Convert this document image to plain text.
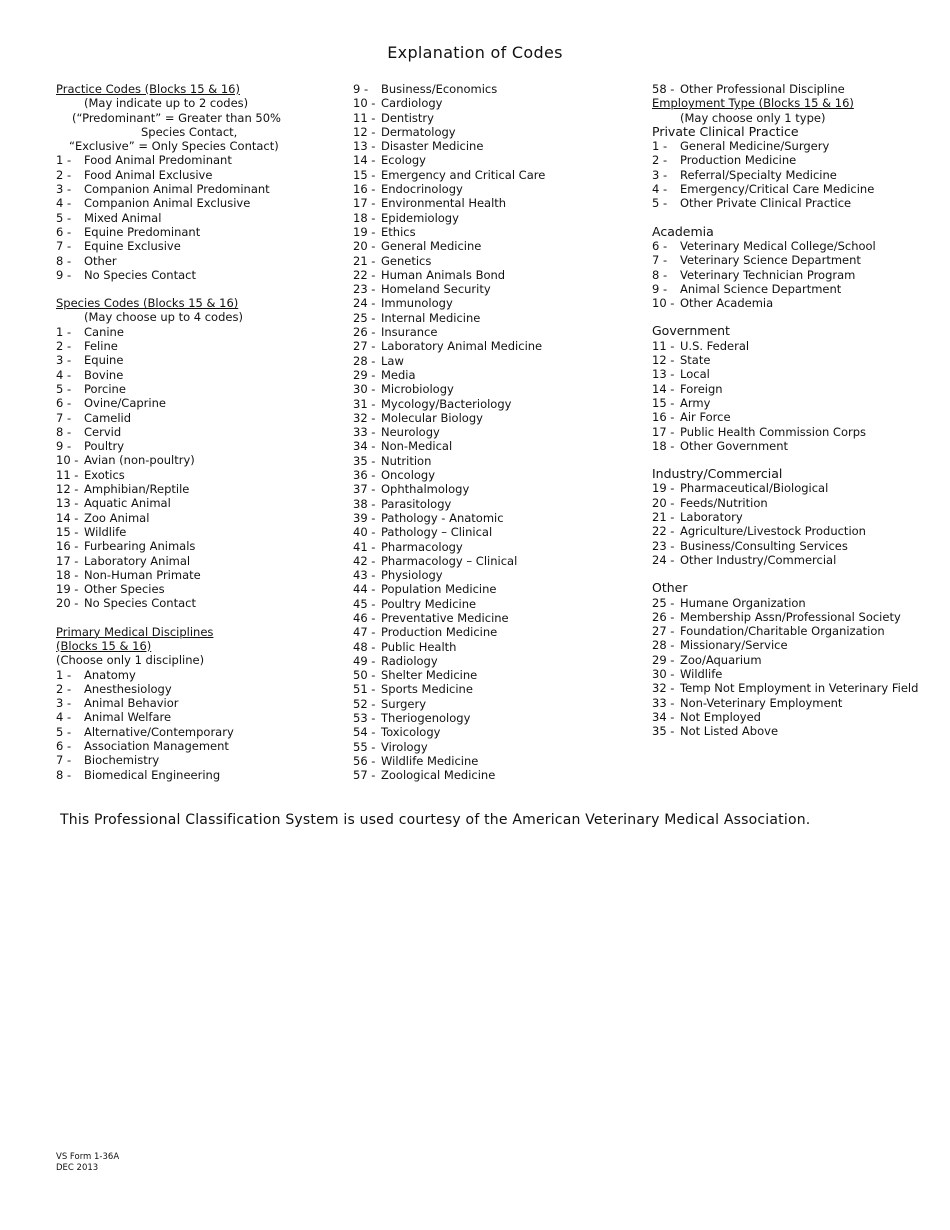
Explanation of Codes
Practice Codes (Blocks 15 & 16)
(May indicate up to 2 codes)
(“Predominant” = Greater than 50%
Species Contact,
“Exclusive” = Only Species Contact)
1 -	Food Animal Predominant
2 -	Food Animal Exclusive
3 -	Companion Animal Predominant
4 -	Companion Animal Exclusive
5 -	Mixed Animal
6 -	Equine Predominant
7 -	Equine Exclusive
8 -	Other
9 -	No Species Contact
Species Codes (Blocks 15 & 16)
(May choose up to 4 codes)
1 -	Canine
2 -	Feline
3 -	Equine
4 -	Bovine
5 -	Porcine
6 -	Ovine/Caprine
7 -	Camelid
8 -	Cervid
9 -	Poultry
10 - Avian (non-poultry)
11 - Exotics
12 - Amphibian/Reptile
13 - Aquatic Animal
14 - Zoo Animal
15 - Wildlife
16 - Furbearing Animals
17 - Laboratory Animal
18 - Non-Human Primate
19 - Other Species
20 - No Species Contact
Primary Medical Disciplines
(Blocks 15 & 16)
(Choose only 1 discipline)
1 -	Anatomy
2 -	Anesthesiology
3 -	Animal Behavior
4 -	Animal Welfare
5 -	Alternative/Contemporary
6 -	Association Management
7 -	Biochemistry
8 -	Biomedical Engineering
9 -	Business/Economics
10 - Cardiology
11 - Dentistry
12 - Dermatology
13 - Disaster Medicine
14 - Ecology
15 - Emergency and Critical Care
16 - Endocrinology
17 - Environmental Health
18 - Epidemiology
19 - Ethics
20 - General Medicine
21 - Genetics
22 - Human Animals Bond
23 - Homeland Security
24 - Immunology
25 - Internal Medicine
26 - Insurance
27 - Laboratory Animal Medicine
28 - Law
29 - Media
30 - Microbiology
31 - Mycology/Bacteriology
32 - Molecular Biology
33 - Neurology
34 - Non-Medical
35 - Nutrition
36 - Oncology
37 - Ophthalmology
38 - Parasitology
39 - Pathology - Anatomic
40 - Pathology – Clinical
41 - Pharmacology
42 - Pharmacology – Clinical
43 - Physiology
44 - Population Medicine
45 - Poultry Medicine
46 - Preventative Medicine
47 - Production Medicine
48 - Public Health
49 - Radiology
50 - Shelter Medicine
51 - Sports Medicine
52 - Surgery
53 - Theriogenology
54 - Toxicology
55 - Virology
56 - Wildlife Medicine
57 - Zoological Medicine
58 - Other Professional Discipline
Employment Type (Blocks 15 & 16)
(May choose only 1 type)
Private Clinical Practice
1 -	General Medicine/Surgery
2 -	Production Medicine
3 -	Referral/Specialty Medicine
4 -	Emergency/Critical Care Medicine
5 -	Other Private Clinical Practice
Academia
6 -	Veterinary Medical College/School
7 -	Veterinary Science Department
8 -	Veterinary Technician Program
9 -	Animal Science Department
10 - Other Academia
Government
11 - U.S. Federal
12 - State
13 - Local
14 - Foreign
15 - Army
16 - Air Force
17 - Public Health Commission Corps
18 - Other Government
Industry/Commercial
19 - Pharmaceutical/Biological
20 - Feeds/Nutrition
21 - Laboratory
22 - Agriculture/Livestock Production
23 - Business/Consulting Services
24 - Other Industry/Commercial
Other
25 - Humane Organization
26 - Membership Assn/Professional Society
27 - Foundation/Charitable Organization
28 - Missionary/Service
29 - Zoo/Aquarium
30 - Wildlife
32 - Temp Not Employment in Veterinary Field
33 - Non-Veterinary Employment
34 - Not Employed
35 - Not Listed Above
This Professional Classification System is used courtesy of the American Veterinary Medical Association.
VS Form 1-36A
DEC 2013
